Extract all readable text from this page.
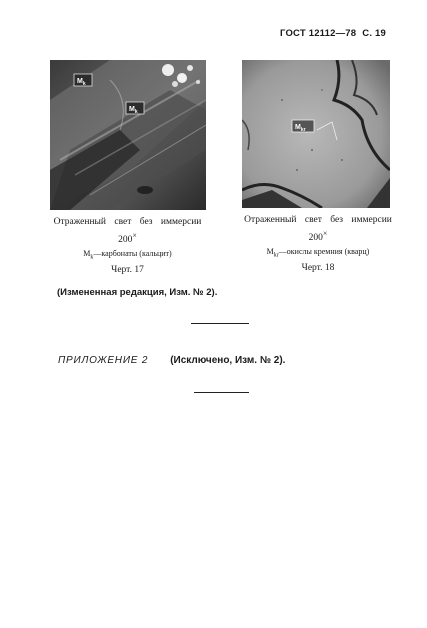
ГОСТ 12112—78 С. 19
$M_k$
$M_k$
Отраженный свет без иммерсии
200×
$M_k—карбонаты$ (кальцит)
Черт. 17
$M_{kr}$
Отраженный свет без иммерсии
200×
$M_{kr}—окислы$ кремния (кварц)
Черт. 18
(Измененная редакция, Изм. № 2).
ПРИЛОЖЕНИЕ 2 (Исключено, Изм. № 2).
